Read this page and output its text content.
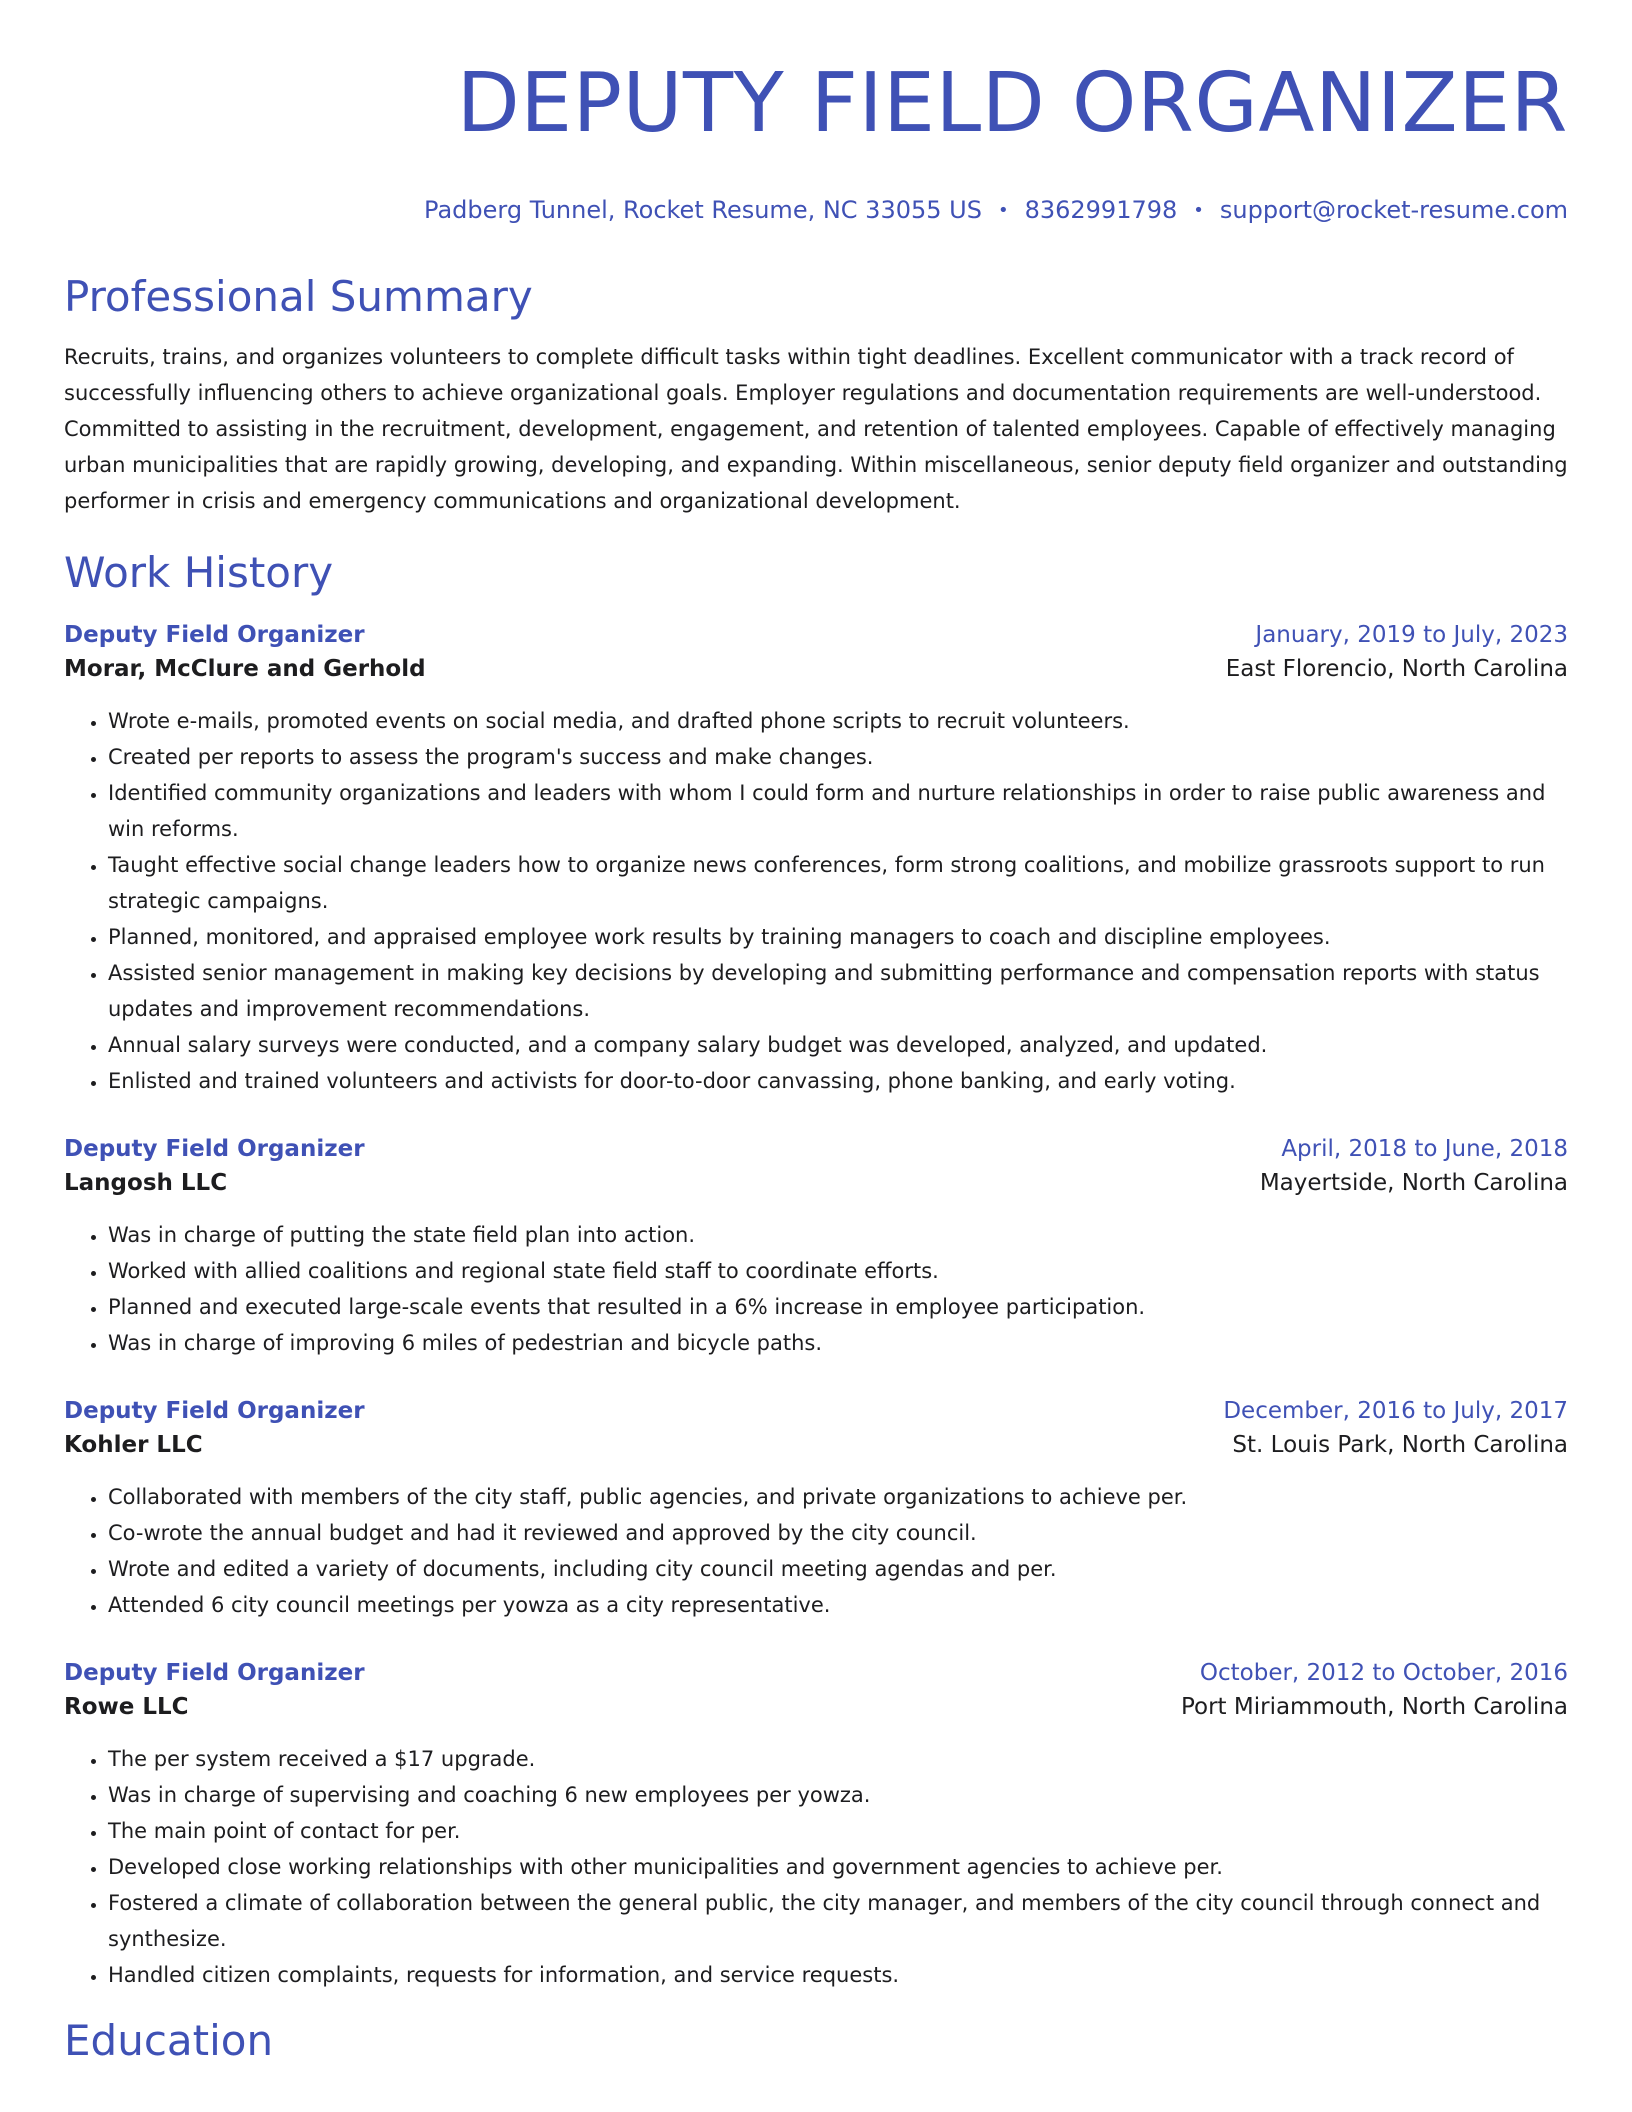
DEPUTY FIELD ORGANIZER
Padberg Tunnel, Rocket Resume, NC 33055 US • 8362991798 • support@rocket-resume.com
Professional Summary

Recruits, trains, and organizes volunteers to complete difficult tasks within tight deadlines. Excellent communicator with a track record of successfully influencing others to achieve organizational goals. Employer regulations and documentation requirements are well-understood. Committed to assisting in the recruitment, development, engagement, and retention of talented employees. Capable of effectively managing urban municipalities that are rapidly growing, developing, and expanding. Within miscellaneous, senior deputy field organizer and outstanding performer in crisis and emergency communications and organizational development.

Work History
Deputy Field Organizer	January, 2019 to July, 2023
Morar, McClure and Gerhold	East Florencio, North Carolina
• Wrote e-mails, promoted events on social media, and drafted phone scripts to recruit volunteers.
• Created per reports to assess the program's success and make changes.
• Identified community organizations and leaders with whom I could form and nurture relationships in order to raise public awareness and win reforms.
• Taught effective social change leaders how to organize news conferences, form strong coalitions, and mobilize grassroots support to run strategic campaigns.
• Planned, monitored, and appraised employee work results by training managers to coach and discipline employees.
• Assisted senior management in making key decisions by developing and submitting performance and compensation reports with status updates and improvement recommendations.
• Annual salary surveys were conducted, and a company salary budget was developed, analyzed, and updated.
• Enlisted and trained volunteers and activists for door-to-door canvassing, phone banking, and early voting.
Deputy Field Organizer	April, 2018 to June, 2018
Langosh LLC	Mayertside, North Carolina
• Was in charge of putting the state field plan into action.
• Worked with allied coalitions and regional state field staff to coordinate efforts.
• Planned and executed large-scale events that resulted in a 6% increase in employee participation.
• Was in charge of improving 6 miles of pedestrian and bicycle paths.
Deputy Field Organizer	December, 2016 to July, 2017
Kohler LLC	St. Louis Park, North Carolina
• Collaborated with members of the city staff, public agencies, and private organizations to achieve per.
• Co-wrote the annual budget and had it reviewed and approved by the city council.
• Wrote and edited a variety of documents, including city council meeting agendas and per.
• Attended 6 city council meetings per yowza as a city representative.
Deputy Field Organizer	October, 2012 to October, 2016
Rowe LLC	Port Miriammouth, North Carolina
• The per system received a $17 upgrade.
• Was in charge of supervising and coaching 6 new employees per yowza.
• The main point of contact for per.
• Developed close working relationships with other municipalities and government agencies to achieve per.
• Fostered a climate of collaboration between the general public, the city manager, and members of the city council through connect and synthesize.
• Handled citizen complaints, requests for information, and service requests.
Education
